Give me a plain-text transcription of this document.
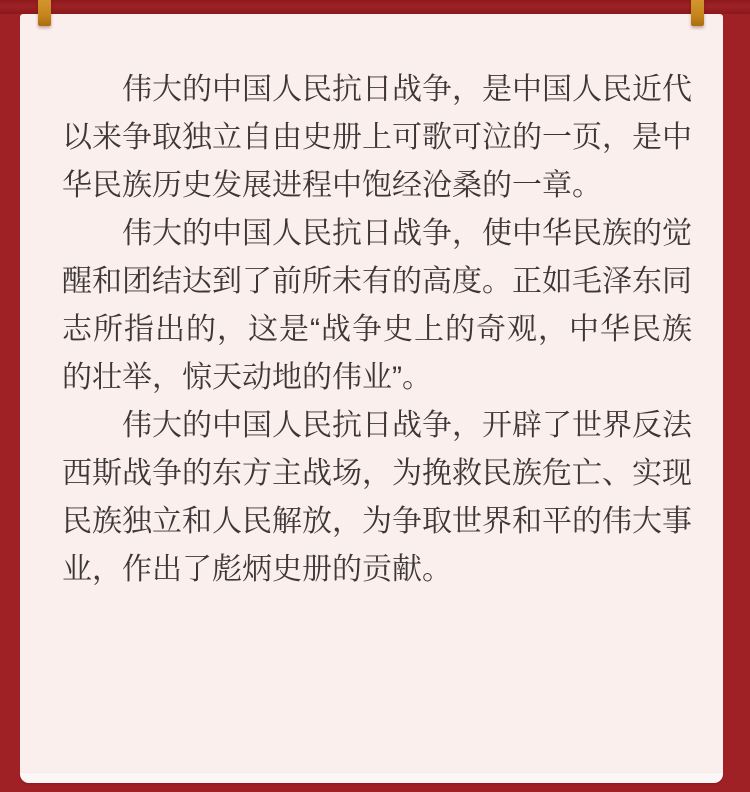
伟大的中国人民抗日战争，是中国人民近代以来争取独立自由史册上可歌可泣的一页，是中华民族历史发展进程中饱经沧桑的一章。

伟大的中国人民抗日战争，使中华民族的觉醒和团结达到了前所未有的高度。正如毛泽东同志所指出的，这是“战争史上的奇观，中华民族的壮举，惊天动地的伟业”。

伟大的中国人民抗日战争，开辟了世界反法西斯战争的东方主战场，为挽救民族危亡、实现民族独立和人民解放，为争取世界和平的伟大事业，作出了彪炳史册的贡献。
